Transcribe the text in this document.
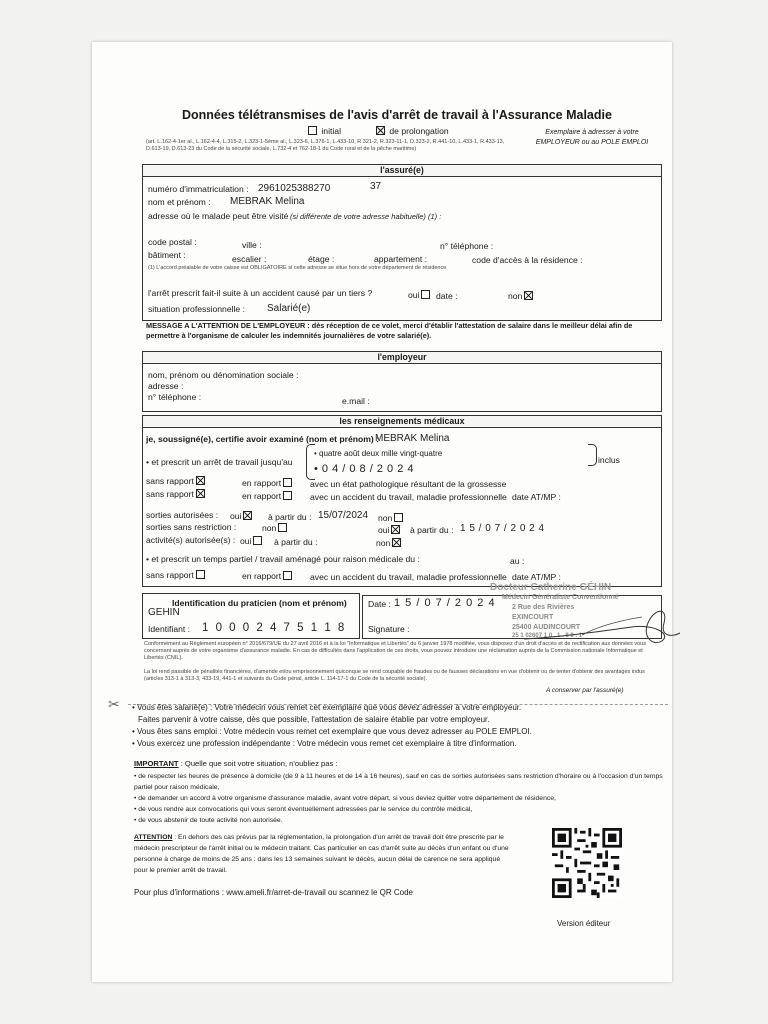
Données télétransmises de l'avis d'arrêt de travail à l'Assurance Maladie
initial	de prolongation
(art. L.162-4-1er al., L.162-4-4, L.315-2, L.323-1-5ème al., L.323-6, L.376-1, L.433-10, R.321-2, R.323-11-1, D.323-2, R.441-10, L.433-1, R.433-13, D.613-19, D.613-23 du Code de la sécurité sociale, L.732-4 et 762-18-1 du Code rural et de la pêche maritime)
Exemplaire à adresser à votre EMPLOYEUR ou au POLE EMPLOI
l'assuré(e)
numéro d'immatriculation : 2961025388270	37
nom et prénom : MEBRAK Melina
adresse où le malade peut être visité (si différente de votre adresse habituelle) (1) :
code postal :	ville :	n° téléphone :
bâtiment :	escalier :	étage :	appartement :	code d'accès à la résidence :
(1) L'accord préalable de votre caisse est OBLIGATOIRE si cette adresse se situe hors de votre département de résidence
l'arrêt prescrit fait-il suite à un accident causé par un tiers ?	oui	date :	non
situation professionnelle : Salarié(e)
MESSAGE A L'ATTENTION DE L'EMPLOYEUR : dès réception de ce volet, merci d'établir l'attestation de salaire dans le meilleur délai afin de permettre à l'organisme de calculer les indemnités journalières de votre salarié(e).
l'employeur
nom, prénom ou dénomination sociale :
adresse :
n° téléphone :	e.mail :
les renseignements médicaux
je, soussigné(e), certifie avoir examiné (nom et prénom) :
MEBRAK Melina
• et prescrit un arrêt de travail jusqu'au
• quatre août deux mille vingt-quatre
• 0 4 / 0 8 / 2 0 2 4
inclus
sans rapport	en rapport	avec un état pathologique résultant de la grossesse
sans rapport	en rapport	avec un accident du travail, maladie professionnelle date AT/MP :
sorties autorisées : oui	à partir du : 15/07/2024 non
sorties sans restriction :	non	oui	à partir du : 1 5 / 0 7 / 2 0 2 4
activité(s) autorisée(s) : oui	à partir du :	non
• et prescrit un temps partiel / travail aménagé pour raison médicale du :	au :
sans rapport	en rapport	avec un accident du travail, maladie professionnelle date AT/MP :
Identification du praticien (nom et prénom)
GEHIN
Identifiant : 1 0 0 0 2 4 7 5 1 1 8
Date : 1 5 / 0 7 / 2 0 2 4
Signature :
Docteur Catherine GÉHIN
Médecin Généraliste Conventionné
2 Rue des Rivières
EXINCOURT
25400 AUDINCOURT
25 1 02607 1 0 . 1 . 8 8 . 1
Conformément au Règlement européen n° 2016/679/UE du 27 avril 2016 et à la loi "Informatique et Libertés" du 6 janvier 1978 modifiée, vous disposez d'un droit d'accès et de rectification aux données vous concernant auprès de votre organisme d'assurance maladie. En cas de difficultés dans l'application de ces droits, vous pouvez introduire une réclamation auprès de la Commission nationale Informatique et Libertés (CNIL).
La loi rend passible de pénalités financières, d'amende et/ou emprisonnement quiconque se rend coupable de fraudes ou de fausses déclarations en vue d'obtenir ou de tenter d'obtenir des avantages indus (articles 313-1 à 313-3, 433-19, 441-1 et suivants du Code pénal, article L. 114-17-1 du Code de la sécurité sociale).
A conserver par l'assuré(e)
✂ • Vous êtes salarié(e) : Votre médecin vous remet cet exemplaire que vous devez adresser à votre employeur.
Faites parvenir à votre caisse, dès que possible, l'attestation de salaire établie par votre employeur.
• Vous êtes sans emploi : Votre médecin vous remet cet exemplaire que vous devez adresser au POLE EMPLOI.
• Vous exercez une profession indépendante : Votre médecin vous remet cet exemplaire à titre d'information.
IMPORTANT : Quelle que soit votre situation, n'oubliez pas :
• de respecter les heures de présence à domicile (de 9 à 11 heures et de 14 à 16 heures), sauf en cas de sorties autorisées sans restriction d'horaire ou à l'occasion d'un temps partiel pour raison médicale,
• de demander un accord à votre organisme d'assurance maladie, avant votre départ, si vous deviez quitter votre département de résidence,
• de vous rendre aux convocations qui vous seront éventuellement adressées par le service du contrôle médical,
• de vous abstenir de toute activité non autorisée.
ATTENTION : En dehors des cas prévus par la réglementation, la prolongation d'un arrêt de travail doit être prescrite par le médecin prescripteur de l'arrêt initial ou le médecin traitant. Cas particulier en cas d'arrêt suite au décès d'un enfant ou d'une personne à charge de moins de 25 ans : dans les 13 semaines suivant le décès, aucun délai de carence ne sera appliqué pour le premier arrêt de travail.
Pour plus d'informations : www.ameli.fr/arret-de-travail ou scannez le QR Code
Version éditeur
